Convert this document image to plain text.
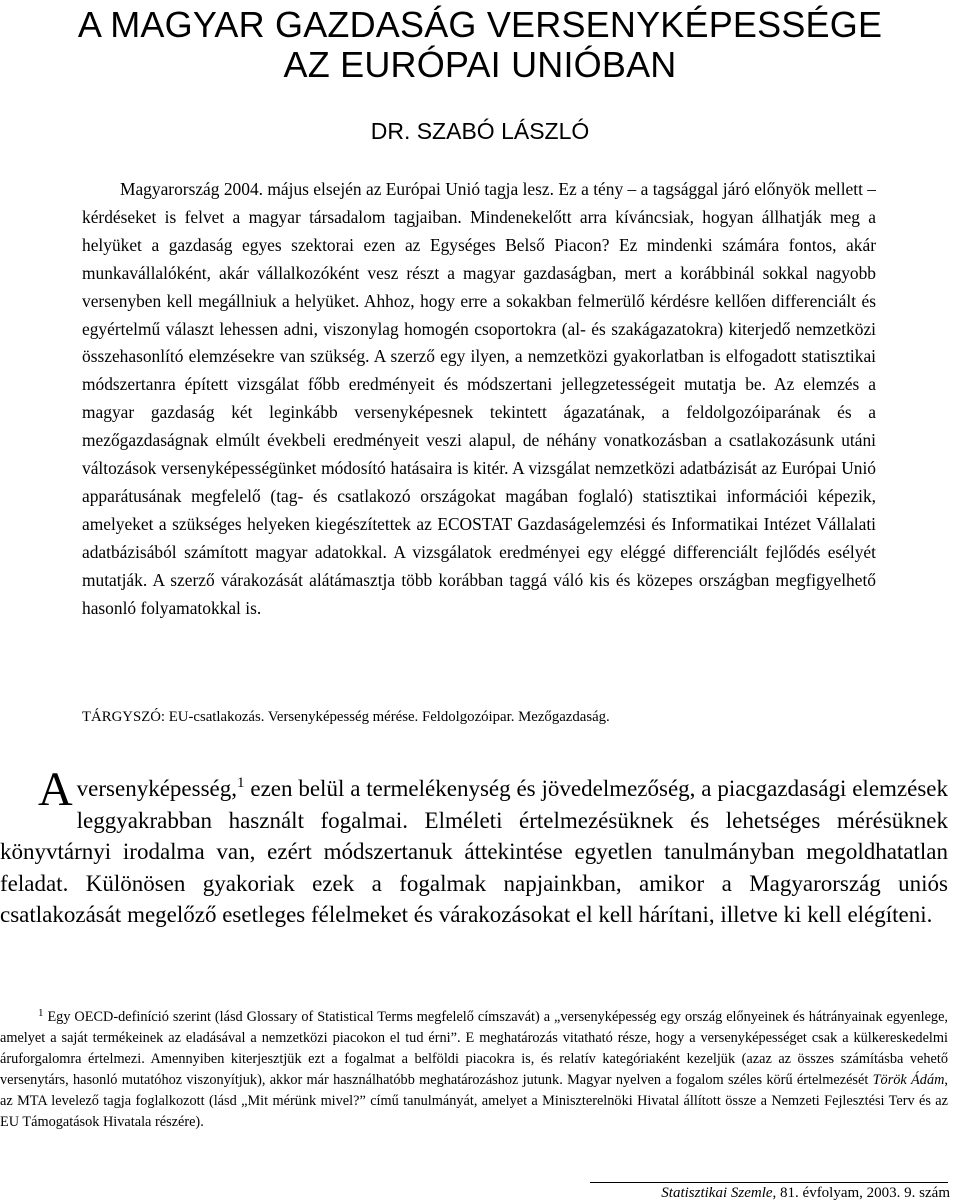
A MAGYAR GAZDASÁG VERSENYKÉPESSÉGE
AZ EURÓPAI UNIÓBAN
DR. SZABÓ LÁSZLÓ

Magyarország 2004. május elsején az Európai Unió tagja lesz. Ez a tény – a tagsággal járó előnyök mellett – kérdéseket is felvet a magyar társadalom tagjaiban. Mindenekelőtt arra kíváncsiak, hogyan állhatják meg a helyüket a gazdaság egyes szektorai ezen az Egységes Belső Piacon? Ez mindenki számára fontos, akár munkavállalóként, akár vállalkozóként vesz részt a magyar gazdaságban, mert a korábbinál sokkal nagyobb versenyben kell megállniuk a helyüket. Ahhoz, hogy erre a sokakban felmerülő kérdésre kellően differenciált és egyértelmű választ lehessen adni, viszonylag homogén csoportokra (al- és szakágazatokra) kiterjedő nemzetközi összehasonlító elemzésekre van szükség. A szerző egy ilyen, a nemzetközi gyakorlatban is elfogadott statisztikai módszertanra épített vizsgálat főbb eredményeit és módszertani jellegzetességeit mutatja be. Az elemzés a magyar gazdaság két leginkább versenyképesnek tekintett ágazatának, a feldolgozóiparának és a mezőgazdaságnak elmúlt évekbeli eredményeit veszi alapul, de néhány vonatkozásban a csatlakozásunk utáni változások versenyképességünket módosító hatásaira is kitér. A vizsgálat nemzetközi adatbázisát az Európai Unió apparátusának megfelelő (tag- és csatlakozó országokat magában foglaló) statisztikai információi képezik, amelyeket a szükséges helyeken kiegészítettek az ECOSTAT Gazdaságelemzési és Informatikai Intézet Vállalati adatbázisából számított magyar adatokkal. A vizsgálatok eredményei egy eléggé differenciált fejlődés esélyét mutatják. A szerző várakozását alátámasztja több korábban taggá váló kis és közepes országban megfigyelhető hasonló folyamatokkal is.

TÁRGYSZÓ: EU-csatlakozás. Versenyképesség mérése. Feldolgozóipar. Mezőgazdaság.

Aversenyképesség,$^1$ ezen belül a termelékenység és jövedelmezőség, a piacgazdasági elemzések leggyakrabban használt fogalmai. Elméleti értelmezésüknek és lehetséges mérésüknek könyvtárnyi irodalma van, ezért módszertanuk áttekintése egyetlen tanulmányban megoldhatatlan feladat. Különösen gyakoriak ezek a fogalmak napjainkban, amikor a Magyarország uniós csatlakozását megelőző esetleges félelmeket és várakozásokat el kell hárítani, illetve ki kell elégíteni.

$^1$ Egy OECD-definíció szerint (lásd Glossary of Statistical Terms megfelelő címszavát) a „versenyképesség egy ország előnyeinek és hátrányainak egyenlege, amelyet a saját termékeinek az eladásával a nemzetközi piacokon el tud érni”. E meghatározás vitatható része, hogy a versenyképességet csak a külkereskedelmi áruforgalomra értelmezi. Amennyiben kiterjesztjük ezt a fogalmat a belföldi piacokra is, és relatív kategóriaként kezeljük (azaz az összes számításba vehető versenytárs, hasonló mutatóhoz viszonyítjuk), akkor már használhatóbb meghatározáshoz jutunk. Magyar nyelven a fogalom széles körű értelmezését Török Ádám, az MTA levelező tagja foglalkozott (lásd „Mit mérünk mivel?” című tanulmányát, amelyet a Miniszterelnöki Hivatal állított össze a Nemzeti Fejlesztési Terv és az EU Támogatások Hivatala részére).

Statisztikai Szemle, 81. évfolyam, 2003. 9. szám
